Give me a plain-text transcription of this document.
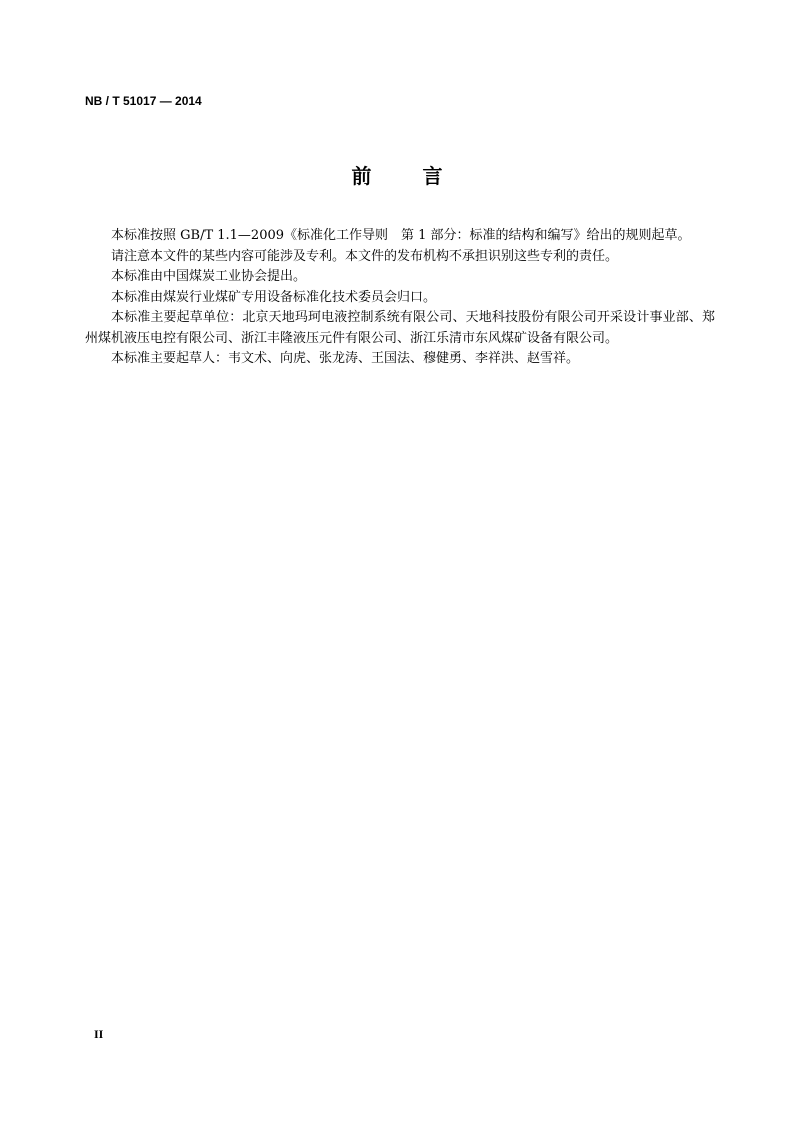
NB / T 51017 — 2014
前	言

本标准按照 GB/T 1.1—2009《标准化工作导则　第 1 部分：标准的结构和编写》给出的规则起草。

请注意本文件的某些内容可能涉及专利。本文件的发布机构不承担识别这些专利的责任。

本标准由中国煤炭工业协会提出。

本标准由煤炭行业煤矿专用设备标准化技术委员会归口。

本标准主要起草单位：北京天地玛珂电液控制系统有限公司、天地科技股份有限公司开采设计事业部、郑州煤机液压电控有限公司、浙江丰隆液压元件有限公司、浙江乐清市东风煤矿设备有限公司。

本标准主要起草人：韦文术、向虎、张龙涛、王国法、穆健勇、李祥洪、赵雪祥。

II
